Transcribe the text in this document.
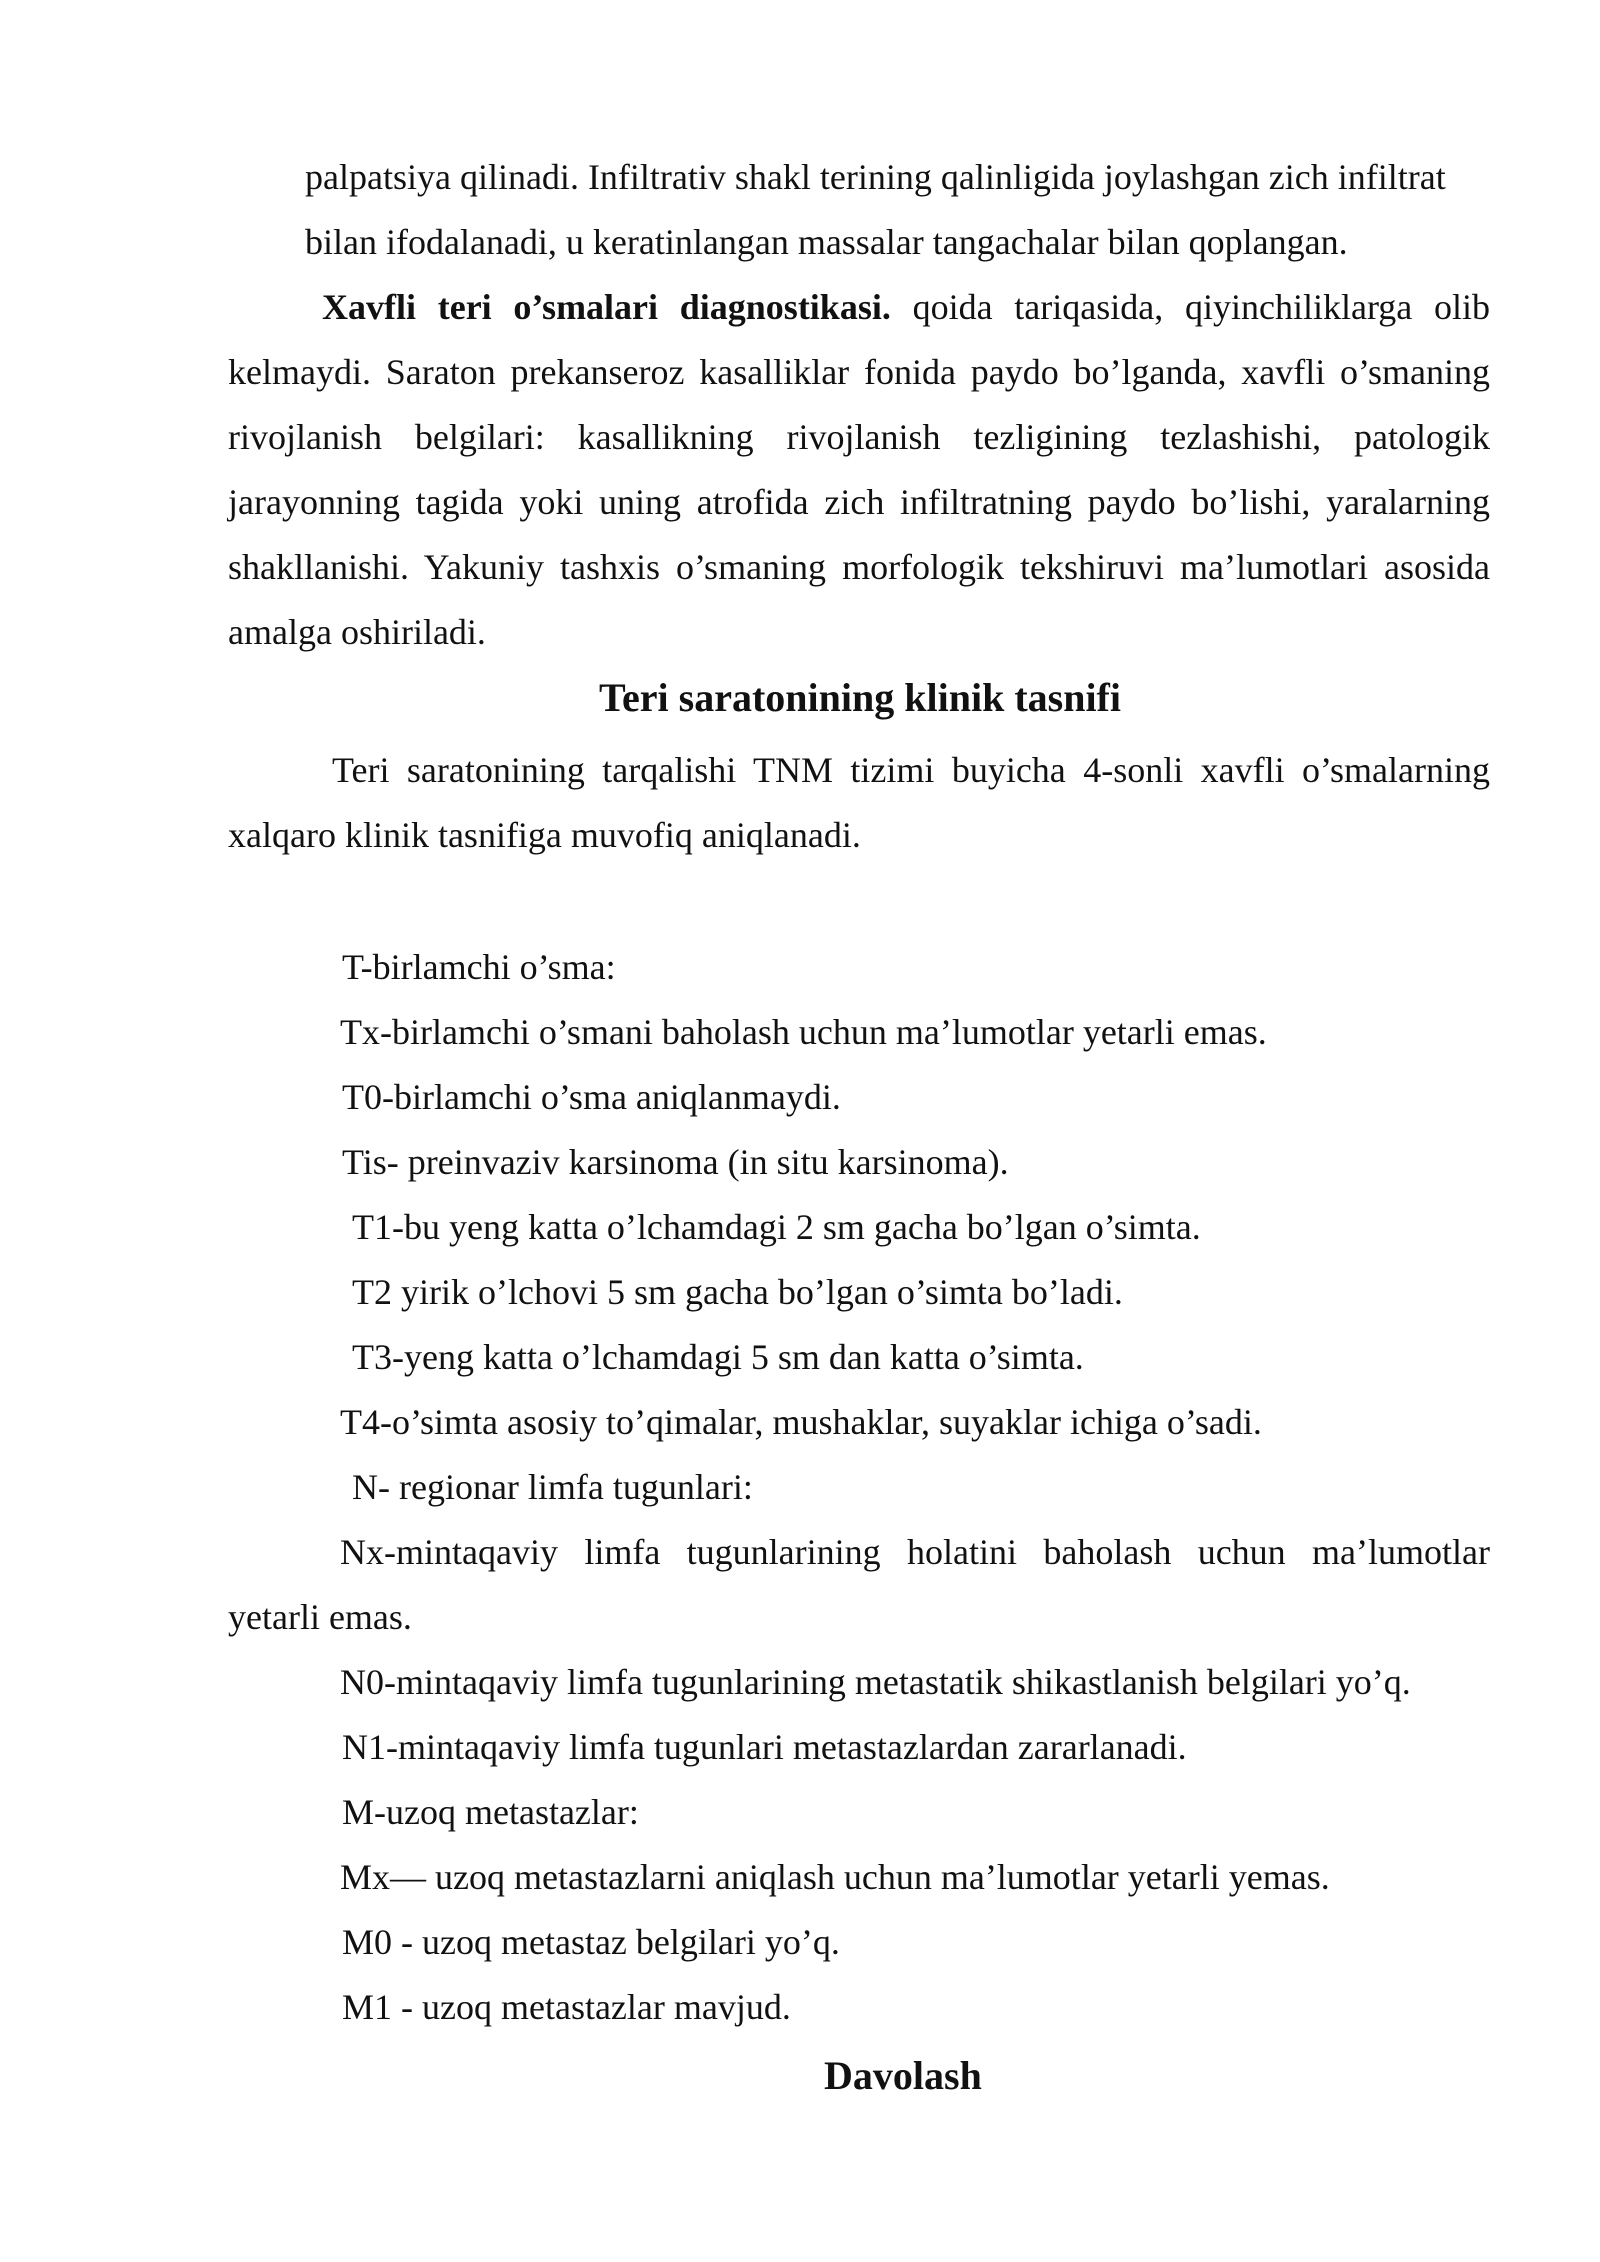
palpatsiya qilinadi. Infiltrativ shakl terining qalinligida joylashgan zich infiltrat

bilan ifodalanadi, u keratinlangan massalar tangachalar bilan qoplangan.

Xavfli teri o’smalari diagnostikasi. qoida tariqasida, qiyinchiliklarga olib

kelmaydi. Saraton prekanseroz kasalliklar fonida paydo bo’lganda, xavfli o’smaning

rivojlanish belgilari: kasallikning rivojlanish tezligining tezlashishi, patologik

jarayonning tagida yoki uning atrofida zich infiltratning paydo bo’lishi, yaralarning

shakllanishi. Yakuniy tashxis o’smaning morfologik tekshiruvi ma’lumotlari asosida

amalga oshiriladi.

Teri saratonining klinik tasnifi

Teri saratonining tarqalishi TNM tizimi buyicha 4-sonli xavfli o’smalarning

xalqaro klinik tasnifiga muvofiq aniqlanadi.

T-birlamchi o’sma:

Tx-birlamchi o’smani baholash uchun ma’lumotlar yetarli emas.

T0-birlamchi o’sma aniqlanmaydi.

Tis- preinvaziv karsinoma (in situ karsinoma).

T1-bu yeng katta o’lchamdagi 2 sm gacha bo’lgan o’simta.

T2 yirik o’lchovi 5 sm gacha bo’lgan o’simta bo’ladi.

T3-yeng katta o’lchamdagi 5 sm dan katta o’simta.

T4-o’simta asosiy to’qimalar, mushaklar, suyaklar ichiga o’sadi.

N- regionar limfa tugunlari:

Nx-mintaqaviy limfa tugunlarining holatini baholash uchun ma’lumotlar

yetarli emas.

N0-mintaqaviy limfa tugunlarining metastatik shikastlanish belgilari yo’q.

N1-mintaqaviy limfa tugunlari metastazlardan zararlanadi.

M-uzoq metastazlar:

Mx— uzoq metastazlarni aniqlash uchun ma’lumotlar yetarli yemas.

M0 - uzoq metastaz belgilari yo’q.

M1 - uzoq metastazlar mavjud.

Davolash
